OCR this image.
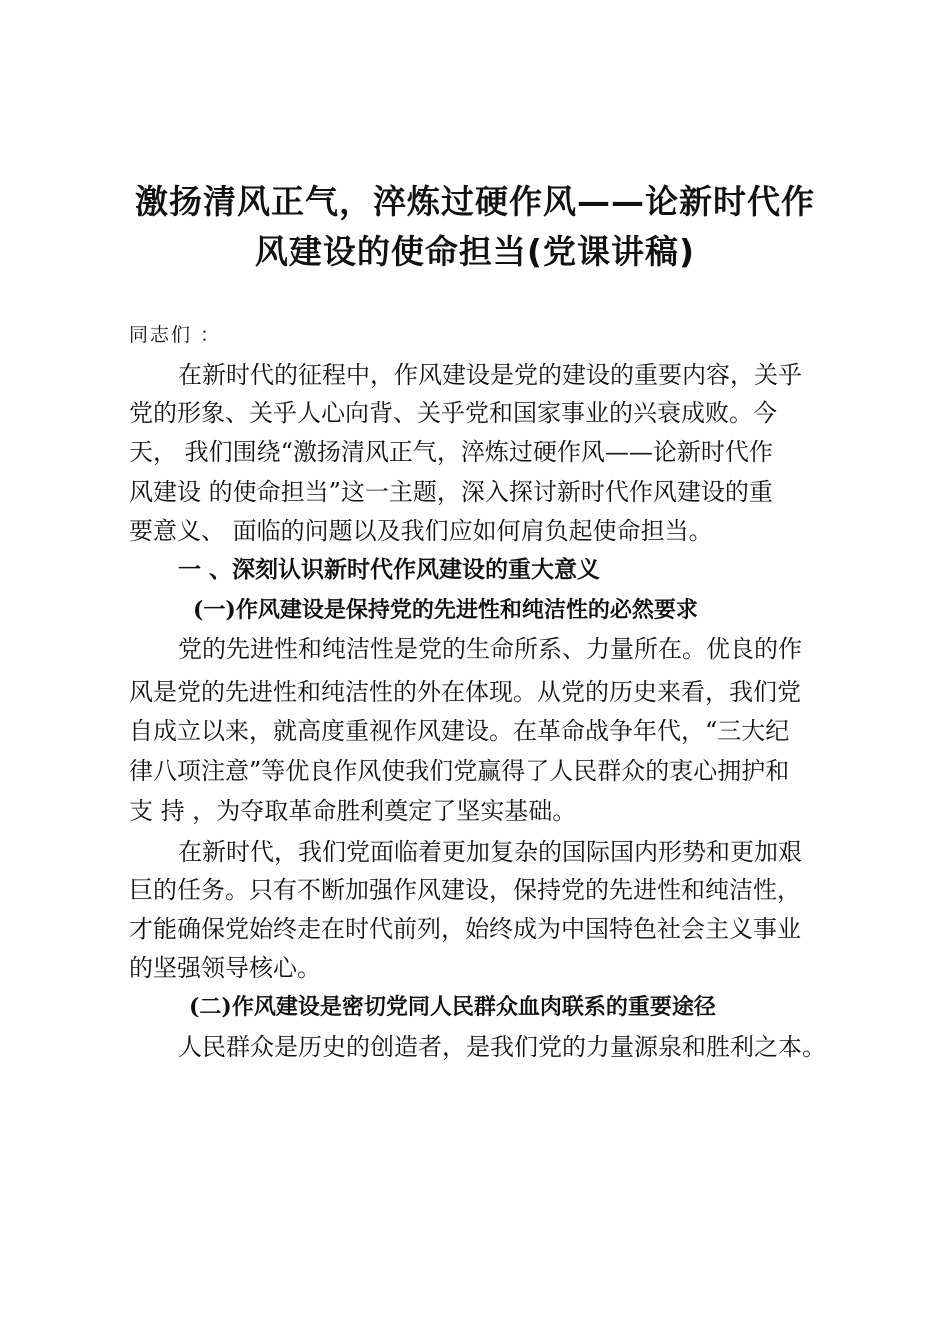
激扬清风正气，淬炼过硬作风——论新时代作
风建设的使命担当(党课讲稿)
同志们 ：
在新时代的征程中，作风建设是党的建设的重要内容，关乎
党的形象、关乎人心向背、关乎党和国家事业的兴衰成败。今
天， 我们围绕“激扬清风正气，淬炼过硬作风——论新时代作
风建设 的使命担当”这一主题，深入探讨新时代作风建设的重
要意义、 面临的问题以及我们应如何肩负起使命担当。
一 、深刻认识新时代作风建设的重大意义
(一)作风建设是保持党的先进性和纯洁性的必然要求
党的先进性和纯洁性是党的生命所系、力量所在。优良的作
风是党的先进性和纯洁性的外在体现。从党的历史来看，我们党
自成立以来，就高度重视作风建设。在革命战争年代，“三大纪
律八项注意”等优良作风使我们党赢得了人民群众的衷心拥护和
支 持 ，为夺取革命胜利奠定了坚实基础。
在新时代，我们党面临着更加复杂的国际国内形势和更加艰
巨的任务。只有不断加强作风建设，保持党的先进性和纯洁性，
才能确保党始终走在时代前列，始终成为中国特色社会主义事业
的坚强领导核心。
(二)作风建设是密切党同人民群众血肉联系的重要途径
人民群众是历史的创造者，是我们党的力量源泉和胜利之本。
